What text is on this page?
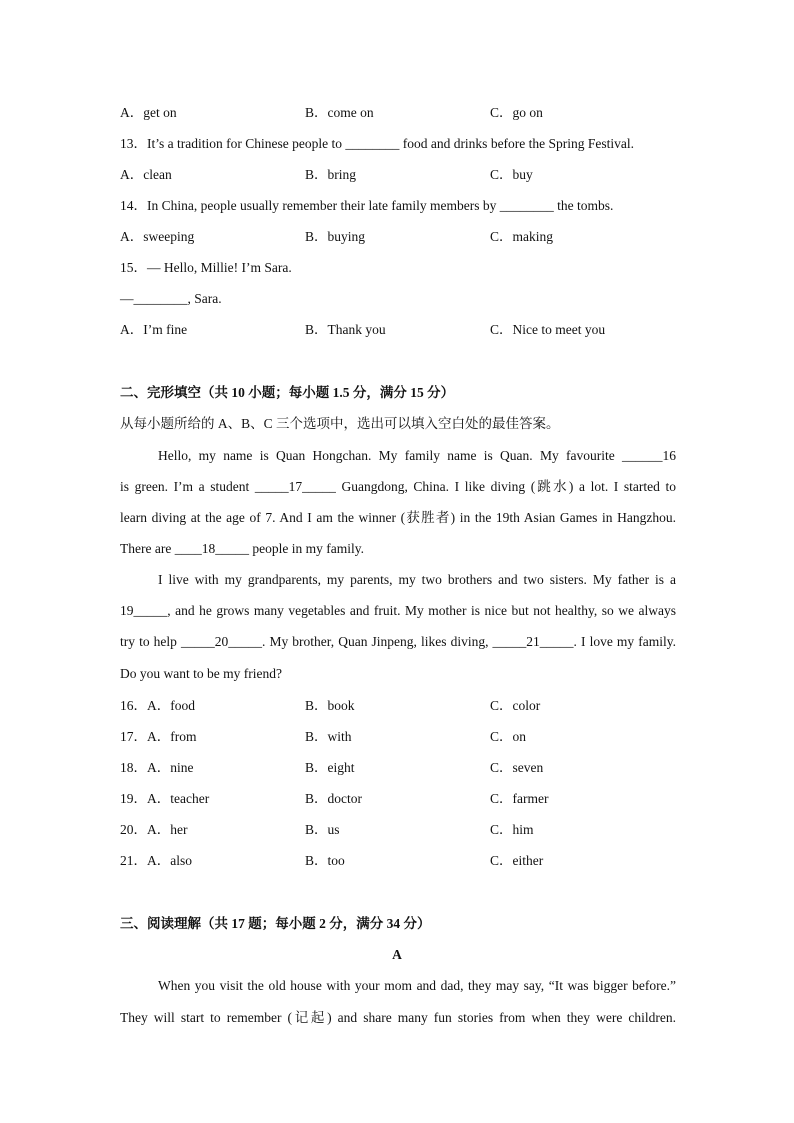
A．get on	B．come on	C．go on
13．It’s a tradition for Chinese people to ________ food and drinks before the Spring Festival.
A．clean	B．bring	C．buy
14．In China, people usually remember their late family members by ________ the tombs.
A．sweeping	B．buying	C．making
15．— Hello, Millie! I’m Sara.
—________, Sara.
A．I’m fine	B．Thank you	C．Nice to meet you
二、完形填空（共 10 小题；每小题 1.5 分，满分 15 分）
从每小题所给的 A、B、C 三个选项中，选出可以填入空白处的最佳答案。
Hello, my name is Quan Hongchan. My family name is Quan. My favourite ______16
is green. I’m a student _____17_____ Guangdong, China. I like diving (跳水) a lot. I started to
learn diving at the age of 7. And I am the winner (获胜者) in the 19th Asian Games in Hangzhou.
There are ____18_____ people in my family.
I live with my grandparents, my parents, my two brothers and two sisters. My father is a
19_____, and he grows many vegetables and fruit. My mother is nice but not healthy, so we always
try to help _____20_____. My brother, Quan Jinpeng, likes diving, _____21_____. I love my family.
Do you want to be my friend?
16．A．food	B．book	C．color
17．A．from	B．with	C．on
18．A．nine	B．eight	C．seven
19．A．teacher	B．doctor	C．farmer
20．A．her	B．us	C．him
21．A．also	B．too	C．either
三、阅读理解（共 17 题；每小题 2 分，满分 34 分）
A
When you visit the old house with your mom and dad, they may say, “It was bigger before.”
They will start to remember (记起) and share many fun stories from when they were children.
